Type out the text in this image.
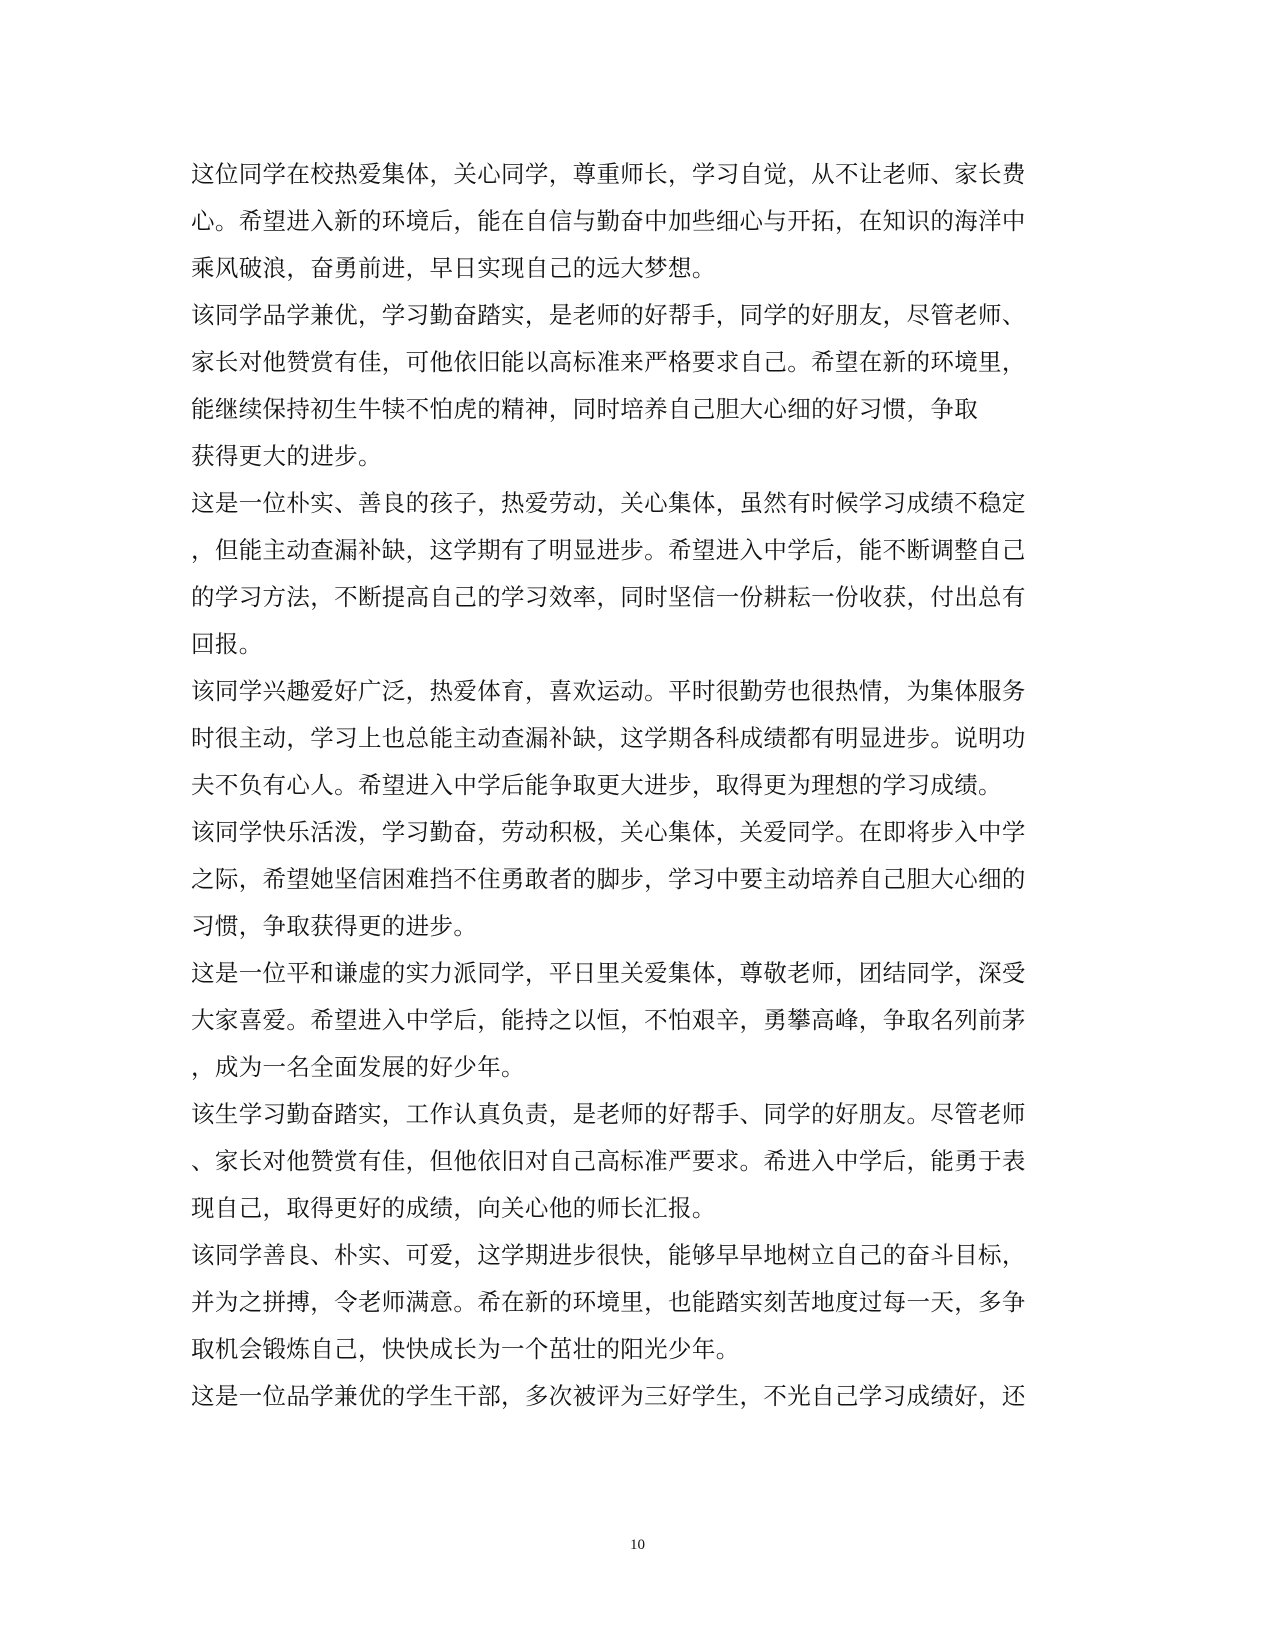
这位同学在校热爱集体，关心同学，尊重师长，学习自觉，从不让老师、家长费
心。希望进入新的环境后，能在自信与勤奋中加些细心与开拓，在知识的海洋中
乘风破浪，奋勇前进，早日实现自己的远大梦想。
该同学品学兼优，学习勤奋踏实，是老师的好帮手，同学的好朋友，尽管老师、
家长对他赞赏有佳，可他依旧能以高标准来严格要求自己。希望在新的环境里，
能继续保持初生牛犊不怕虎的精神，同时培养自己胆大心细的好习惯，争取
获得更大的进步。
这是一位朴实、善良的孩子，热爱劳动，关心集体，虽然有时候学习成绩不稳定
，但能主动查漏补缺，这学期有了明显进步。希望进入中学后，能不断调整自己
的学习方法，不断提高自己的学习效率，同时坚信一份耕耘一份收获，付出总有
回报。
该同学兴趣爱好广泛，热爱体育，喜欢运动。平时很勤劳也很热情，为集体服务
时很主动，学习上也总能主动查漏补缺，这学期各科成绩都有明显进步。说明功
夫不负有心人。希望进入中学后能争取更大进步，取得更为理想的学习成绩。
该同学快乐活泼，学习勤奋，劳动积极，关心集体，关爱同学。在即将步入中学
之际，希望她坚信困难挡不住勇敢者的脚步，学习中要主动培养自己胆大心细的
习惯，争取获得更的进步。
这是一位平和谦虚的实力派同学，平日里关爱集体，尊敬老师，团结同学，深受
大家喜爱。希望进入中学后，能持之以恒，不怕艰辛，勇攀高峰，争取名列前茅
，成为一名全面发展的好少年。
该生学习勤奋踏实，工作认真负责，是老师的好帮手、同学的好朋友。尽管老师
、家长对他赞赏有佳，但他依旧对自己高标准严要求。希进入中学后，能勇于表
现自己，取得更好的成绩，向关心他的师长汇报。
该同学善良、朴实、可爱，这学期进步很快，能够早早地树立自己的奋斗目标，
并为之拼搏，令老师满意。希在新的环境里，也能踏实刻苦地度过每一天，多争
取机会锻炼自己，快快成长为一个茁壮的阳光少年。
这是一位品学兼优的学生干部，多次被评为三好学生，不光自己学习成绩好，还
10
